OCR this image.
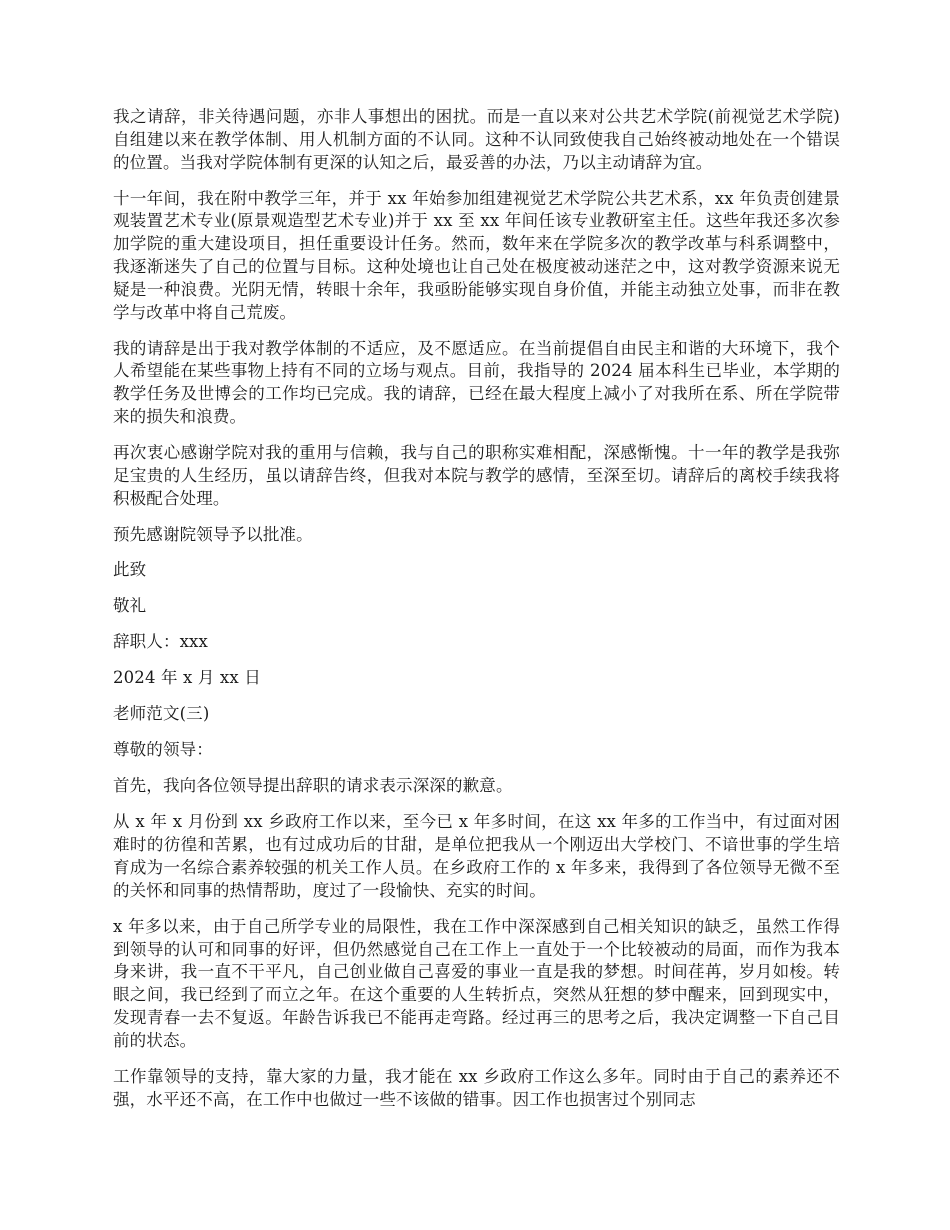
我之请辞，非关待遇问题，亦非人事想出的困扰。而是一直以来对公共艺术学院(前视觉艺术学院)自组建以来在教学体制、用人机制方面的不认同。这种不认同致使我自己始终被动地处在一个错误的位置。当我对学院体制有更深的认知之后，最妥善的办法，乃以主动请辞为宜。

十一年间，我在附中教学三年，并于 xx 年始参加组建视觉艺术学院公共艺术系，xx 年负责创建景观装置艺术专业(原景观造型艺术专业)并于 xx 至 xx 年间任该专业教研室主任。这些年我还多次参加学院的重大建设项目，担任重要设计任务。然而，数年来在学院多次的教学改革与科系调整中，我逐渐迷失了自己的位置与目标。这种处境也让自己处在极度被动迷茫之中，这对教学资源来说无疑是一种浪费。光阴无情，转眼十余年，我亟盼能够实现自身价值，并能主动独立处事，而非在教学与改革中将自己荒废。

我的请辞是出于我对教学体制的不适应，及不愿适应。在当前提倡自由民主和谐的大环境下，我个人希望能在某些事物上持有不同的立场与观点。目前，我指导的 2024 届本科生已毕业，本学期的教学任务及世博会的工作均已完成。我的请辞，已经在最大程度上减小了对我所在系、所在学院带来的损失和浪费。

再次衷心感谢学院对我的重用与信赖，我与自己的职称实难相配，深感惭愧。十一年的教学是我弥足宝贵的人生经历，虽以请辞告终，但我对本院与教学的感情，至深至切。请辞后的离校手续我将积极配合处理。

预先感谢院领导予以批准。

此致

敬礼

辞职人：xxx

2024 年 x 月 xx 日

老师范文(三)

尊敬的领导：

首先，我向各位领导提出辞职的请求表示深深的歉意。

从 x 年 x 月份到 xx 乡政府工作以来，至今已 x 年多时间，在这 xx 年多的工作当中，有过面对困难时的彷徨和苦累，也有过成功后的甘甜，是单位把我从一个刚迈出大学校门、不谙世事的学生培育成为一名综合素养较强的机关工作人员。在乡政府工作的 x 年多来，我得到了各位领导无微不至的关怀和同事的热情帮助，度过了一段愉快、充实的时间。

x 年多以来，由于自己所学专业的局限性，我在工作中深深感到自己相关知识的缺乏，虽然工作得到领导的认可和同事的好评，但仍然感觉自己在工作上一直处于一个比较被动的局面，而作为我本身来讲，我一直不干平凡，自己创业做自己喜爱的事业一直是我的梦想。时间荏苒，岁月如梭。转眼之间，我已经到了而立之年。在这个重要的人生转折点，突然从狂想的梦中醒来，回到现实中，发现青春一去不复返。年龄告诉我已不能再走弯路。经过再三的思考之后，我决定调整一下自己目前的状态。

工作靠领导的支持，靠大家的力量，我才能在 xx 乡政府工作这么多年。同时由于自己的素养还不强，水平还不高，在工作中也做过一些不该做的错事。因工作也损害过个别同志
